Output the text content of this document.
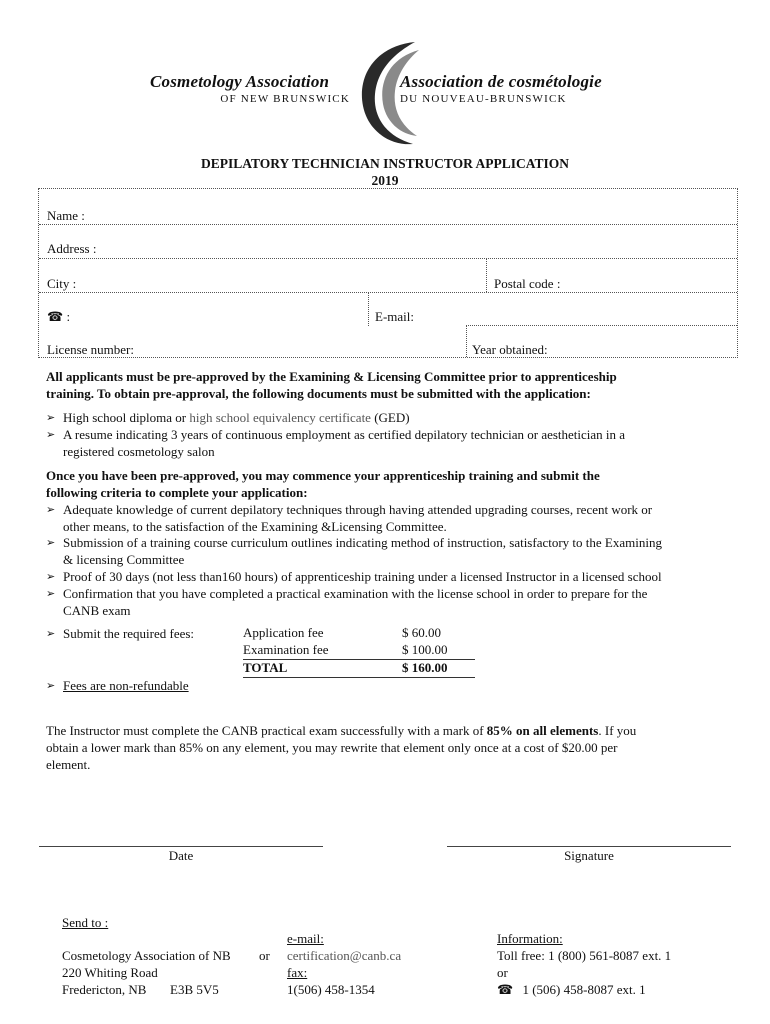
Cosmetology Association
OF NEW BRUNSWICK
Association de cosmétologie
DU NOUVEAU-BRUNSWICK
DEPILATORY TECHNICIAN INSTRUCTOR APPLICATION
2019
Name :
Address :
City :	Postal code :
☎ :	E-mail:
License number:	Year obtained:
All applicants must be pre-approved by the Examining & Licensing Committee prior to apprenticeship
training. To obtain pre-approval, the following documents must be submitted with the application:
➢ High school diploma or high school equivalency certificate (GED)
➢ A resume indicating 3 years of continuous employment as certified depilatory technician or aesthetician in a
registered cosmetology salon
Once you have been pre-approved, you may commence your apprenticeship training and submit the
following criteria to complete your application:
➢ Adequate knowledge of current depilatory techniques through having attended upgrading courses, recent work or
other means, to the satisfaction of the Examining &Licensing Committee.
➢ Submission of a training course curriculum outlines indicating method of instruction, satisfactory to the Examining
& licensing Committee
➢ Proof of 30 days (not less than160 hours) of apprenticeship training under a licensed Instructor in a licensed school
➢ Confirmation that you have completed a practical examination with the license school in order to prepare for the
CANB exam
➢ Submit the required fees:	Application fee	$ 60.00
Examination fee	$ 100.00
TOTAL	$ 160.00
➢ Fees are non-refundable
The Instructor must complete the CANB practical exam successfully with a mark of 85% on all elements. If you
obtain a lower mark than 85% on any element, you may rewrite that element only once at a cost of $20.00 per
element.
Date	Signature
Send to :
Cosmetology Association of NB or
220 Whiting Road
Fredericton, NB E3B 5V5
e-mail:
certification@canb.ca
fax:
1(506) 458-1354
Information:
Toll free: 1 (800) 561-8087 ext. 1
or
☎ 1 (506) 458-8087 ext. 1
